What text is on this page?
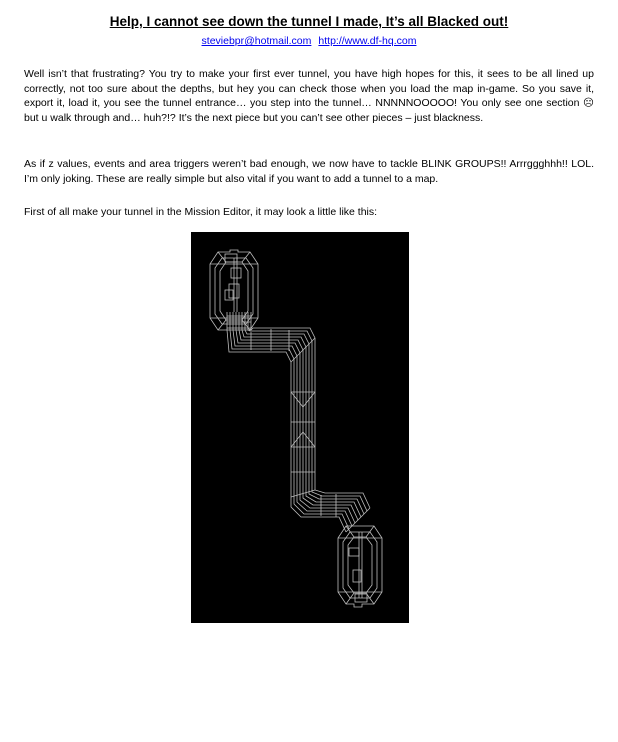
Help, I cannot see down the tunnel I made, It’s all Blacked out!
steviebpr@hotmail.com http://www.df-hq.com

Well isn’t that frustrating? You try to make your first ever tunnel, you have high hopes for this, it sees to be all lined up correctly, not too sure about the depths, but hey you can check those when you load the map in-game. So you save it, export it, load it, you see the tunnel entrance… you step into the tunnel… NNNNNOOOOO! You only see one section ☹ but u walk through and… huh?!? It’s the next piece but you can’t see other pieces – just blackness.

As if z values, events and area triggers weren’t bad enough, we now have to tackle BLINK GROUPS!! Arrrggghhh!! LOL. I’m only joking. These are really simple but also vital if you want to add a tunnel to a map.

First of all make your tunnel in the Mission Editor, it may look a little like this:
